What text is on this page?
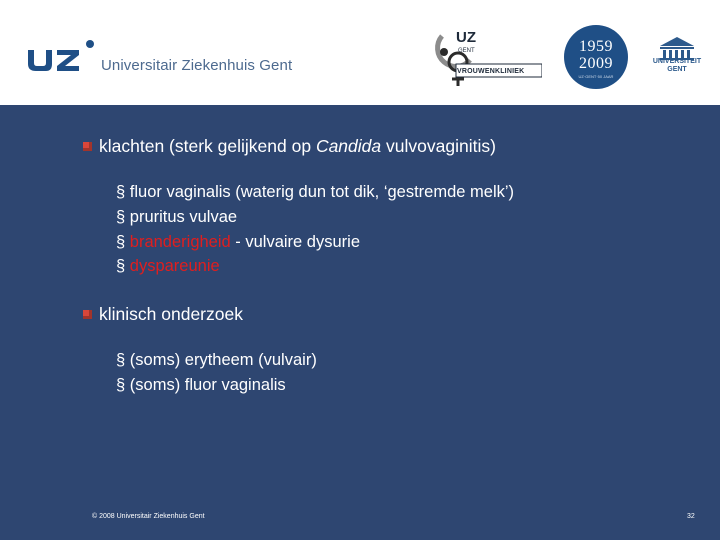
Universitair Ziekenhuis Gent
UZ
GENT
VROUWENKLINIEK
1959
2009
UZ·GENT·50 JAAR
UNIVERSITEIT
GENT
klachten (sterk gelijkend op Candida vulvovaginitis)
§ fluor vaginalis (waterig dun tot dik, ‘gestremde melk’)
§ pruritus vulvae
§ branderigheid - vulvaire dysurie
§ dyspareunie
klinisch onderzoek
§ (soms) erytheem (vulvair)
§ (soms) fluor vaginalis
© 2008 Universitair Ziekenhuis Gent	32
